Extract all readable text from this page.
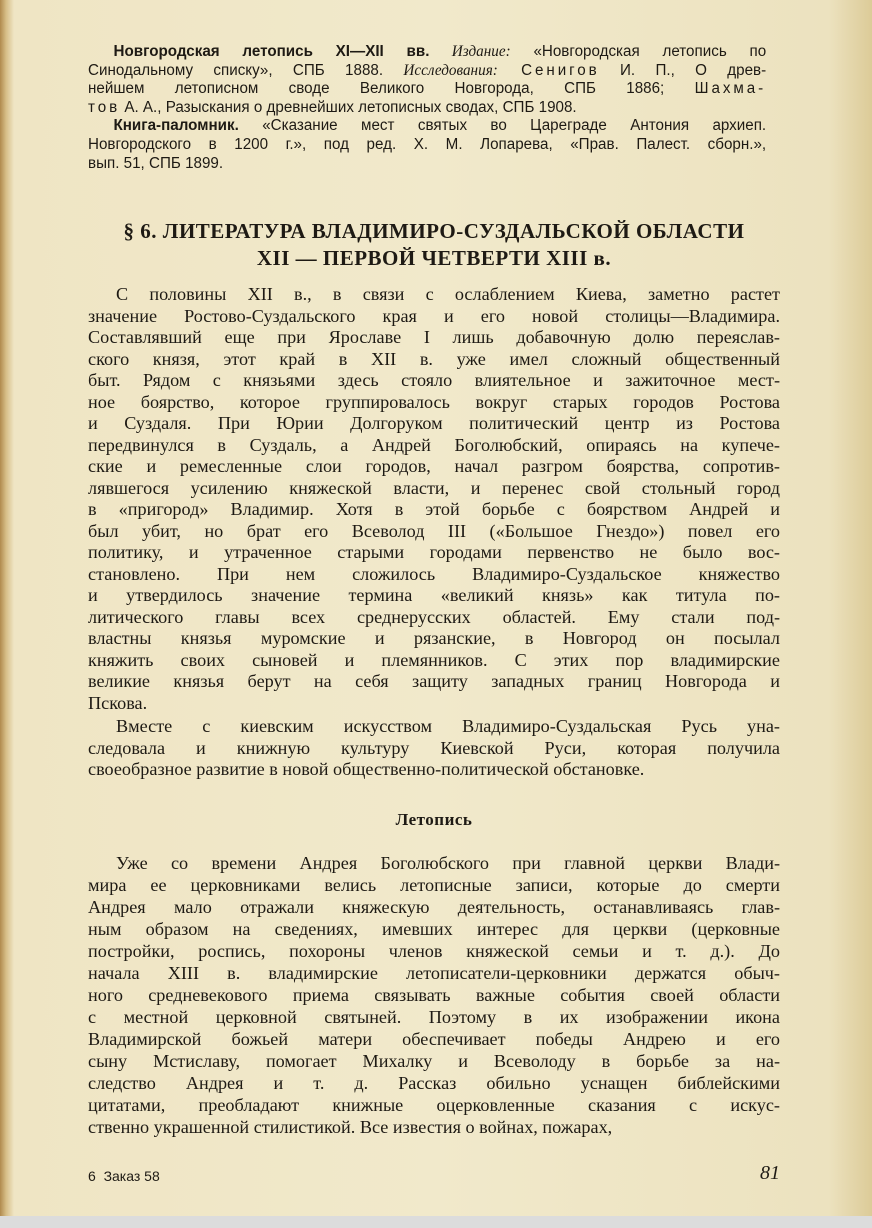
Новгородская летопись XI—XII вв. Издание: «Новгородская летопись по
Синодальному списку», СПБ 1888. Исследования: Сенигов И. П., О древ-
нейшем летописном своде Великого Новгорода, СПБ 1886; Шахма-
тов А. А., Разыскания о древнейших летописных сводах, СПБ 1908.
Книга-паломник. «Сказание мест святых во Цареграде Антония архиеп.
Новгородского в 1200 г.», под ред. Х. М. Лопарева, «Прав. Палест. сборн.»,
вып. 51, СПБ 1899.
§ 6. ЛИТЕРАТУРА ВЛАДИМИРО-СУЗДАЛЬСКОЙ ОБЛАСТИ
XII — ПЕРВОЙ ЧЕТВЕРТИ XIII в.
С половины XII в., в связи с ослаблением Киева, заметно растет
значение Ростово-Суздальского края и его новой столицы—Владимира.
Составлявший еще при Ярославе I лишь добавочную долю переяслав-
ского князя, этот край в XII в. уже имел сложный общественный
быт. Рядом с князьями здесь стояло влиятельное и зажиточное мест-
ное боярство, которое группировалось вокруг старых городов Ростова
и Суздаля. При Юрии Долгоруком политический центр из Ростова
передвинулся в Суздаль, а Андрей Боголюбский, опираясь на купече-
ские и ремесленные слои городов, начал разгром боярства, сопротив-
лявшегося усилению княжеской власти, и перенес свой стольный город
в «пригород» Владимир. Хотя в этой борьбе с боярством Андрей и
был убит, но брат его Всеволод III («Большое Гнездо») повел его
политику, и утраченное старыми городами первенство не было вос-
становлено. При нем сложилось Владимиро-Суздальское княжество
и утвердилось значение термина «великий князь» как титула по-
литического главы всех среднерусских областей. Ему стали под-
властны князья муромские и рязанские, в Новгород он посылал
княжить своих сыновей и племянников. С этих пор владимирские
великие князья берут на себя защиту западных границ Новгорода и
Пскова.
Вместе с киевским искусством Владимиро-Суздальская Русь уна-
следовала и книжную культуру Киевской Руси, которая получила
своеобразное развитие в новой общественно-политической обстановке.
Летопись
Уже со времени Андрея Боголюбского при главной церкви Влади-
мира ее церковниками велись летописные записи, которые до смерти
Андрея мало отражали княжескую деятельность, останавливаясь глав-
ным образом на сведениях, имевших интерес для церкви (церковные
постройки, роспись, похороны членов княжеской семьи и т. д.). До
начала XIII в. владимирские летописатели-церковники держатся обыч-
ного средневекового приема связывать важные события своей области
с местной церковной святыней. Поэтому в их изображении икона
Владимирской божьей матери обеспечивает победы Андрею и его
сыну Мстиславу, помогает Михалку и Всеволоду в борьбе за на-
следство Андрея и т. д. Рассказ обильно уснащен библейскими
цитатами, преобладают книжные оцерковленные сказания с искус-
ственно украшенной стилистикой. Все известия о войнах, пожарах,
6  Заказ 58	81
